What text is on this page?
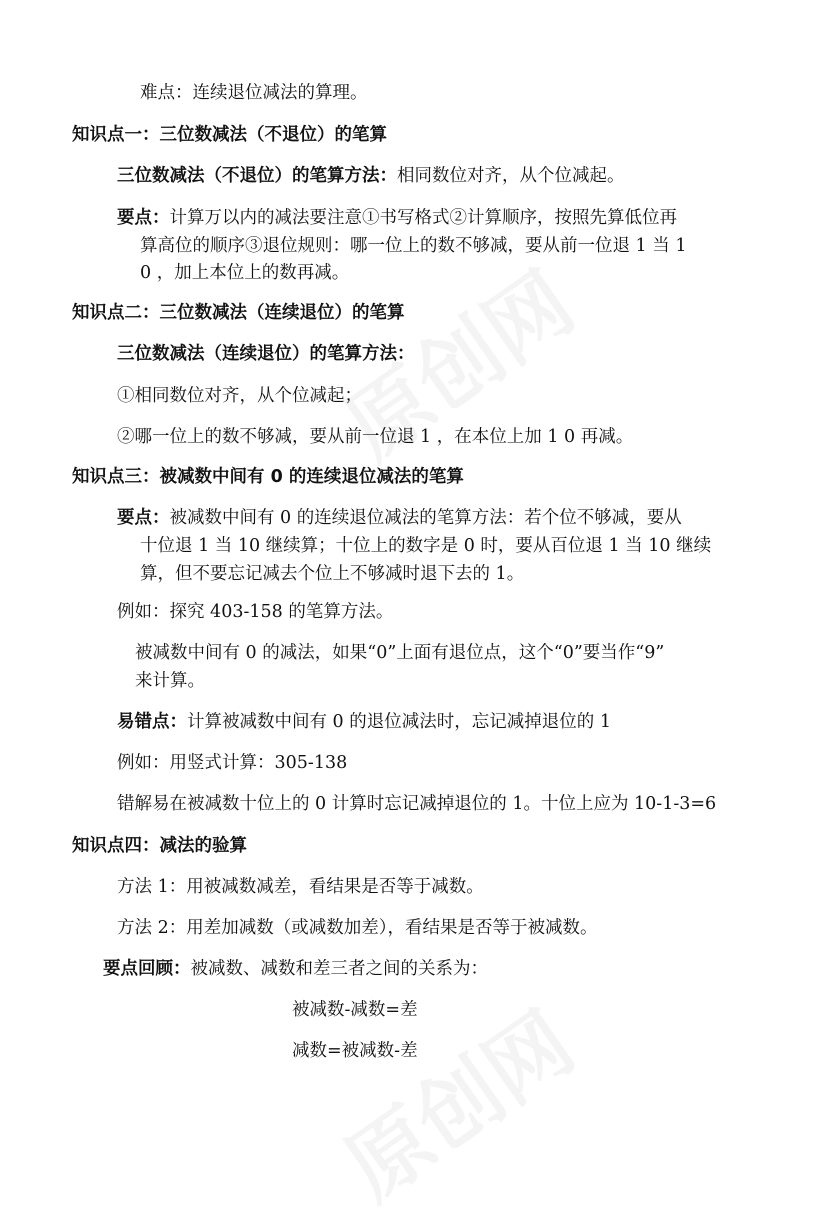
难点：连续退位减法的算理。
知识点一：三位数减法（不退位）的笔算
三位数减法（不退位）的笔算方法：相同数位对齐，从个位减起。
要点：计算万以内的减法要注意①书写格式②计算顺序，按照先算低位再
算高位的顺序③退位规则：哪一位上的数不够减，要从前一位退 1 当 1
0 ，加上本位上的数再减。
知识点二：三位数减法（连续退位）的笔算
三位数减法（连续退位）的笔算方法：
①相同数位对齐，从个位减起；
②哪一位上的数不够减，要从前一位退 1 ，在本位上加 1 0 再减。
知识点三：被减数中间有 0 的连续退位减法的笔算
要点：被减数中间有 0 的连续退位减法的笔算方法：若个位不够减，要从
十位退 1 当 10 继续算；十位上的数字是 0 时，要从百位退 1 当 10 继续
算，但不要忘记减去个位上不够减时退下去的 1。
例如：探究 403-158 的笔算方法。
被减数中间有 0 的减法，如果“0”上面有退位点，这个“0”要当作“9”
来计算。
易错点：计算被减数中间有 0 的退位减法时，忘记减掉退位的 1
例如：用竖式计算：305-138
错解易在被减数十位上的 0 计算时忘记减掉退位的 1。十位上应为 10-1-3=6
知识点四：减法的验算
方法 1：用被减数减差，看结果是否等于减数。
方法 2：用差加减数（或减数加差），看结果是否等于被减数。
要点回顾：被减数、减数和差三者之间的关系为：
被减数-减数=差
减数=被减数-差
